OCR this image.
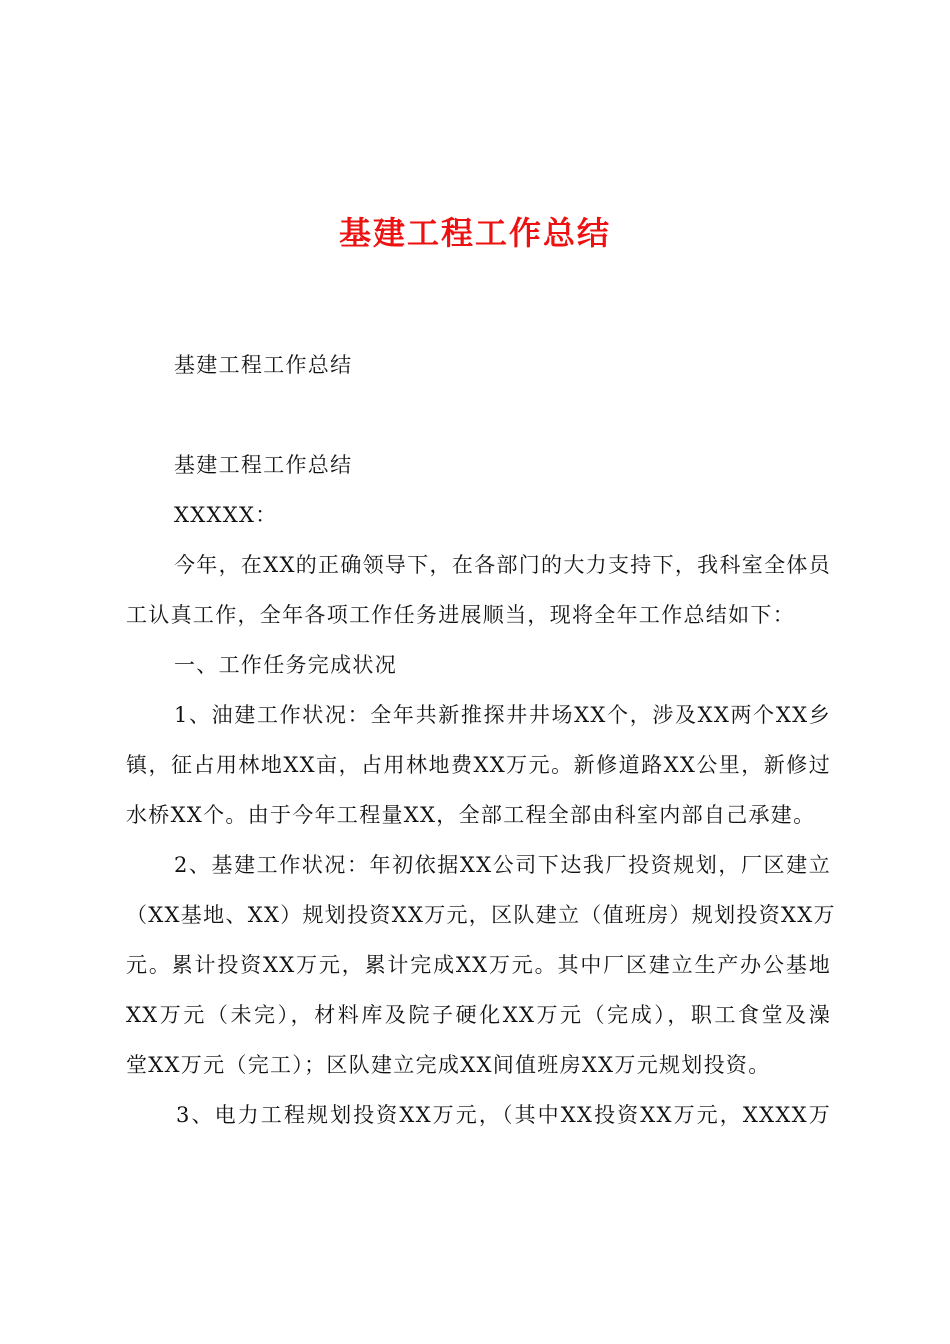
基建工程工作总结
基建工程工作总结
基建工程工作总结
XXXXX：
今年，在XX的正确领导下，在各部门的大力支持下，我科室全体员
工认真工作，全年各项工作任务进展顺当，现将全年工作总结如下：
一、工作任务完成状况
1、油建工作状况：全年共新推探井井场XX个，涉及XX两个XX乡
镇，征占用林地XX亩，占用林地费XX万元。新修道路XX公里，新修过
水桥XX个。由于今年工程量XX，全部工程全部由科室内部自己承建。
2、基建工作状况：年初依据XX公司下达我厂投资规划，厂区建立
（XX基地、XX）规划投资XX万元，区队建立（值班房）规划投资XX万
元。累计投资XX万元，累计完成XX万元。其中厂区建立生产办公基地
XX万元（未完），材料库及院子硬化XX万元（完成），职工食堂及澡
堂XX万元（完工）；区队建立完成XX间值班房XX万元规划投资。
3、电力工程规划投资XX万元，（其中XX投资XX万元，XXXX万
